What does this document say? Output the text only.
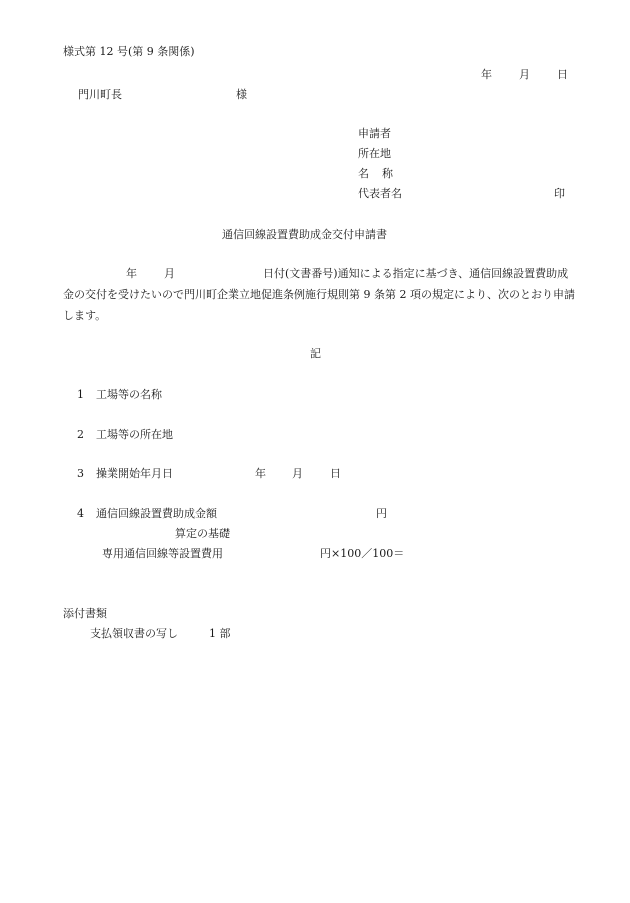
様式第 12 号(第 9 条関係)
年 月 日
門川町長	様
申請者
所在地
名 称
代表者名	印
通信回線設置費助成金交付申請書
年 月	日付(文書番号)通知による指定に基づき、通信回線設置費助成金の交付を受けたいので門川町企業立地促進条例施行規則第 9 条第 2 項の規定により、次のとおり申請します。
記
1 工場等の名称
2 工場等の所在地
3 操業開始年月日	年 月 日
4 通信回線設置費助成金額	円
算定の基礎
専用通信回線等設置費用	円×100／100＝
添付書類
支払領収書の写し	1 部
